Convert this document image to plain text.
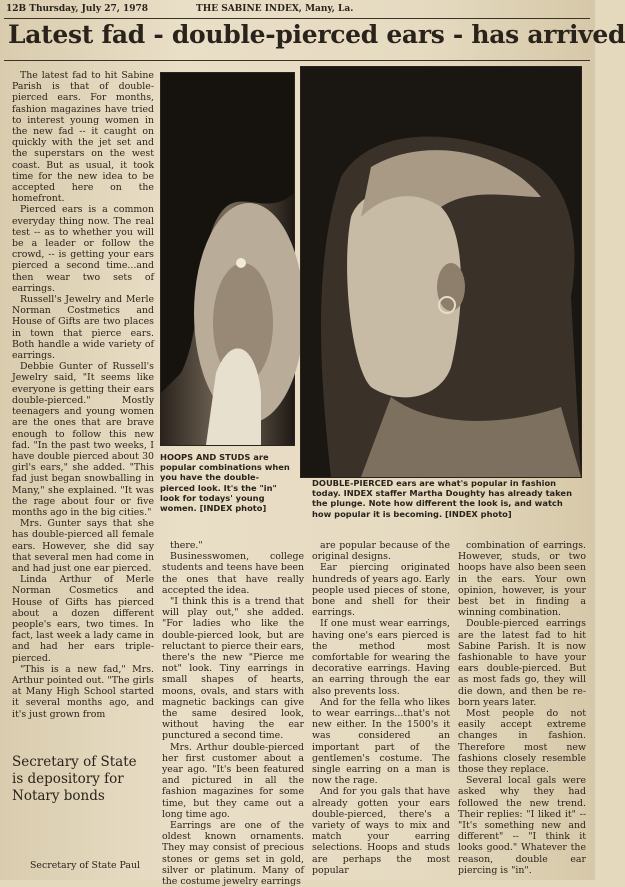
12B Thursday, July 27, 1978	THE SABINE INDEX, Many, La.
Latest fad - double-pierced ears - has arrived

The latest fad to hit Sabine Parish is that of double-pierced ears. For months, fashion magazines have tried to interest young women in the new fad -- it caught on quickly with the jet set and the superstars on the west coast. But as usual, it took time for the new idea to be accepted here on the homefront.

Pierced ears is a common everyday thing now. The real test -- as to whether you will be a leader or follow the crowd, -- is getting your ears pierced a second time...and then wear two sets of earrings.

Russell's Jewelry and Merle Norman Costmetics and House of Gifts are two places in town that pierce ears. Both handle a wide variety of earrings.

Debbie Gunter of Russell's Jewelry said, "It seems like everyone is getting their ears double-pierced." Mostly teenagers and young women are the ones that are brave enough to follow this new fad. "In the past two weeks, I have double pierced about 30 girl's ears," she added. "This fad just began snowballing in Many," she explained. "It was the rage about four or five months ago in the big cities."

Mrs. Gunter says that she has double-pierced all female ears. However, she did say that several men had come in and had just one ear pierced.

Linda Arthur of Merle Norman Cosmetics and House of Gifts has pierced about a dozen different people's ears, two times. In fact, last week a lady came in and had her ears triple-pierced.

"This is a new fad," Mrs. Arthur pointed out. "The girls at Many High School started it several months ago, and it's just grown from

Secretary of State is depository for Notary bonds
Secretary of State Paul
HOOPS AND STUDS are popular combinations when you have the double-pierced look. It's the "in" look for todays' young women. [INDEX photo]
DOUBLE-PIERCED ears are what's popular in fashion today. INDEX staffer Martha Doughty has already taken the plunge. Note how different the look is, and watch how popular it is becoming. [INDEX photo]

there."

Businesswomen, college students and teens have been the ones that have really accepted the idea.

"I think this is a trend that will play out," she added. "For ladies who like the double-pierced look, but are reluctant to pierce their ears, there's the new "Pierce me not" look. Tiny earrings in small shapes of hearts, moons, ovals, and stars with magnetic backings can give the same desired look, without having the ear punctured a second time.

Mrs. Arthur double-pierced her first customer about a year ago. "It's been featured and pictured in all the fashion magazines for some time, but they came out a long time ago.

Earrings are one of the oldest known ornaments. They may consist of precious stones or gems set in gold, silver or platinum. Many of the costume jewelry earrings

are popular because of the original designs.

Ear piercing originated hundreds of years ago. Early people used pieces of stone, bone and shell for their earrings.

If one must wear earrings, having one's ears pierced is the method most comfortable for wearing the decorative earrings. Having an earring through the ear also prevents loss.

And for the fella who likes to wear earrings...that's not new either. In the 1500's it was considered an important part of the gentlemen's costume. The single earring on a man is now the rage.

And for you gals that have already gotten your ears double-pierced, there's a variety of ways to mix and match your earring selections. Hoops and studs are perhaps the most popular

combination of earrings. However, studs, or two hoops have also been seen in the ears. Your own opinion, however, is your best bet in finding a winning combination.

Double-pierced earrings are the latest fad to hit Sabine Parish. It is now fashionable to have your ears double-pierced. But as most fads go, they will die down, and then be re-born years later.

Most people do not easily accept extreme changes in fashion. Therefore most new fashions closely resemble those they replace.

Several local gals were asked why they had followed the new trend. Their replies: "I liked it" -- "It's something new and different" -- "I think it looks good." Whatever the reason, double ear piercing is "in".
